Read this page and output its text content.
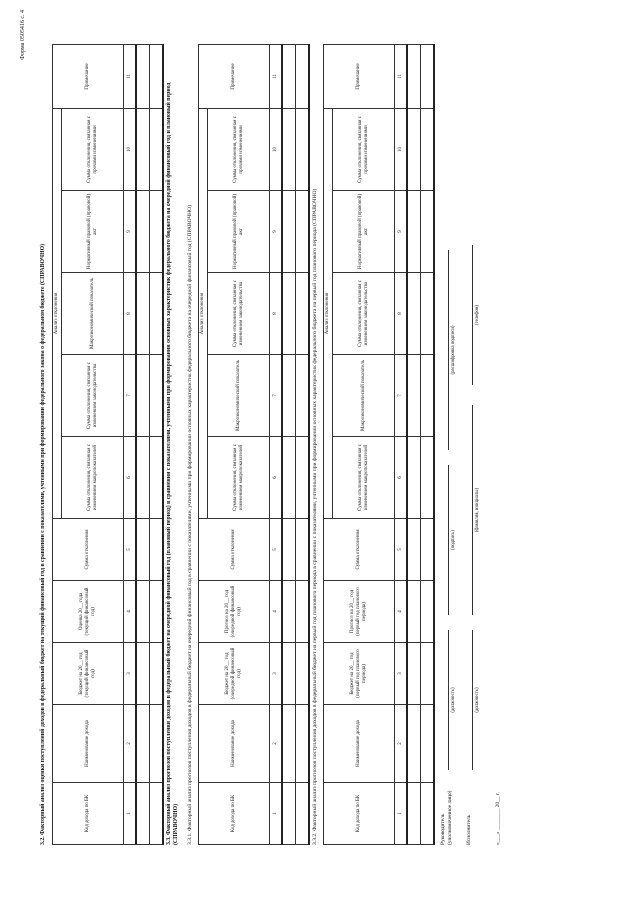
Форма 0505416 с. 4
3.2. Факторный анализ оценки поступлений доходов в федеральный бюджет на текущий финансовый год в сравнении с показателями, учтенными при формировании федерального закона о федеральном бюджете (СПРАВОЧНО)	Код дохода по БК	Наименование дохода	Бюджет на 20__ год (текущий финансовый год)	Оценка 20__ года (текущий финансовый год)	Сумма отклонения	Анализ отклонения					Примечание
					Сумма отклонения, связанная с изменением макропоказателей	Сумма отклонения, связанная с изменением законодательства	Макроэкономический показатель	Нормативный правовой (правовой) акт	Сумма отклонения, связанная с прочими изменениями	
1	2	3	4	5	6	7	8	9	10	11

3.3. Факторный анализ прогнозов поступления доходов в федеральный бюджет на очередной финансовый год (плановый период) в сравнении с показателями, учтенными при формировании основных характеристик федерального бюджета на очередной финансовый год и плановый период (СПРАВОЧНО) 3.3.1. Факторный анализ прогнозов поступления доходов в федеральный бюджет на очередной финансовый год в сравнении с показателями, учтенными при формировании основных характеристик федерального бюджета на очередной финансовый год (СПРАВОЧНО)	Код дохода по БК	Наименование дохода	Бюджет на 20__ год (очередной финансовый год)	Прогноз на 20__ год (очередной финансовый год)	Сумма отклонения	Анализ отклонения					Примечание
					Сумма отклонения, связанная с изменением макропоказателей	Макроэкономический показатель	Сумма отклонения, связанная с изменением законодательства	Нормативный правовой (правовой) акт	Сумма отклонения, связанная с прочими изменениями	
1	2	3	4	5	6	7	8	9	10	11

3.3.2. Факторный анализ прогнозов поступления доходов в федеральный бюджет на первый год планового периода в сравнении с показателями, учтенными при формировании основных характеристик федерального бюджета на первый год планового периода (СПРАВОЧНО)	Код дохода по БК	Наименование дохода	Бюджет на 20__ год (первый год планового периода)	Прогноз на 20__ год (первый год планового периода)	Сумма отклонения	Анализ отклонения					Примечание
					Сумма отклонения, связанная с изменением макропоказателей	Макроэкономический показатель	Сумма отклонения, связанная с изменением законодательства	Нормативный правовой (правовой) акт	Сумма отклонения, связанная с прочими изменениями	
1	2	3	4	5	6	7	8	9	10	11

Руководитель (уполномоченное лицо)
(должность)
(подпись)
(расшифровка подписи)
Исполнитель
(должность)
(фамилия, инициалы)
(телефон)
«___» ________ 20__ г.
